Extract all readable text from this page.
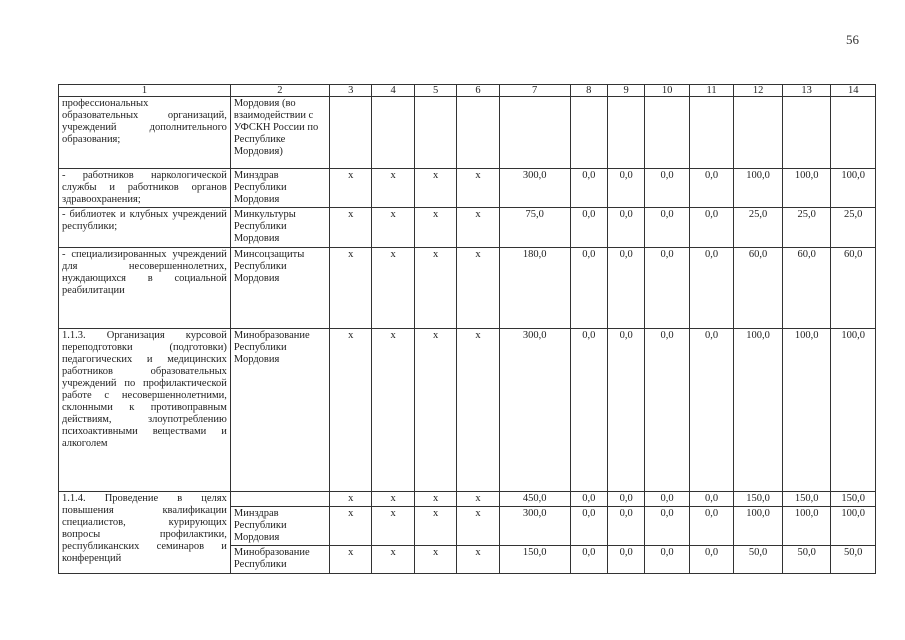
56
1	2	3	4	5	6	7	8	9	10	11	12	13	14
профессиональных образовательных организаций, учреждений дополнительного образования;	Мордовия (во взаимодействии с УФСКН России по Республике Мордовия)												
- работников наркологической службы и работников органов здравоохранения;	Минздрав Республики Мордовия	х	х	х	х	300,0	0,0	0,0	0,0	0,0	100,0	100,0	100,0
- библиотек и клубных учреждений республики;	Минкультуры Республики Мордовия	х	х	х	х	75,0	0,0	0,0	0,0	0,0	25,0	25,0	25,0
- специализированных учреждений для несовершеннолетних, нуждающихся в социальной реабилитации	Минсоцзащиты Республики Мордовия	х	х	х	х	180,0	0,0	0,0	0,0	0,0	60,0	60,0	60,0
1.1.3. Организация курсовой переподготовки (подготовки) педагогических и медицинских работников образовательных учреждений по профилактической работе с несовершеннолетними, склонными к противоправным действиям, злоупотреблению психоактивными веществами и алкоголем	Минобразование Республики Мордовия	х	х	х	х	300,0	0,0	0,0	0,0	0,0	100,0	100,0	100,0
1.1.4. Проведение в целях повышения квалификации специалистов, курирующих вопросы профилактики, республиканских семинаров и конференций		х	х	х	х	450,0	0,0	0,0	0,0	0,0	150,0	150,0	150,0
	Минздрав Республики Мордовия	х	х	х	х	300,0	0,0	0,0	0,0	0,0	100,0	100,0	100,0
	Минобразование Республики	х	х	х	х	150,0	0,0	0,0	0,0	0,0	50,0	50,0	50,0
